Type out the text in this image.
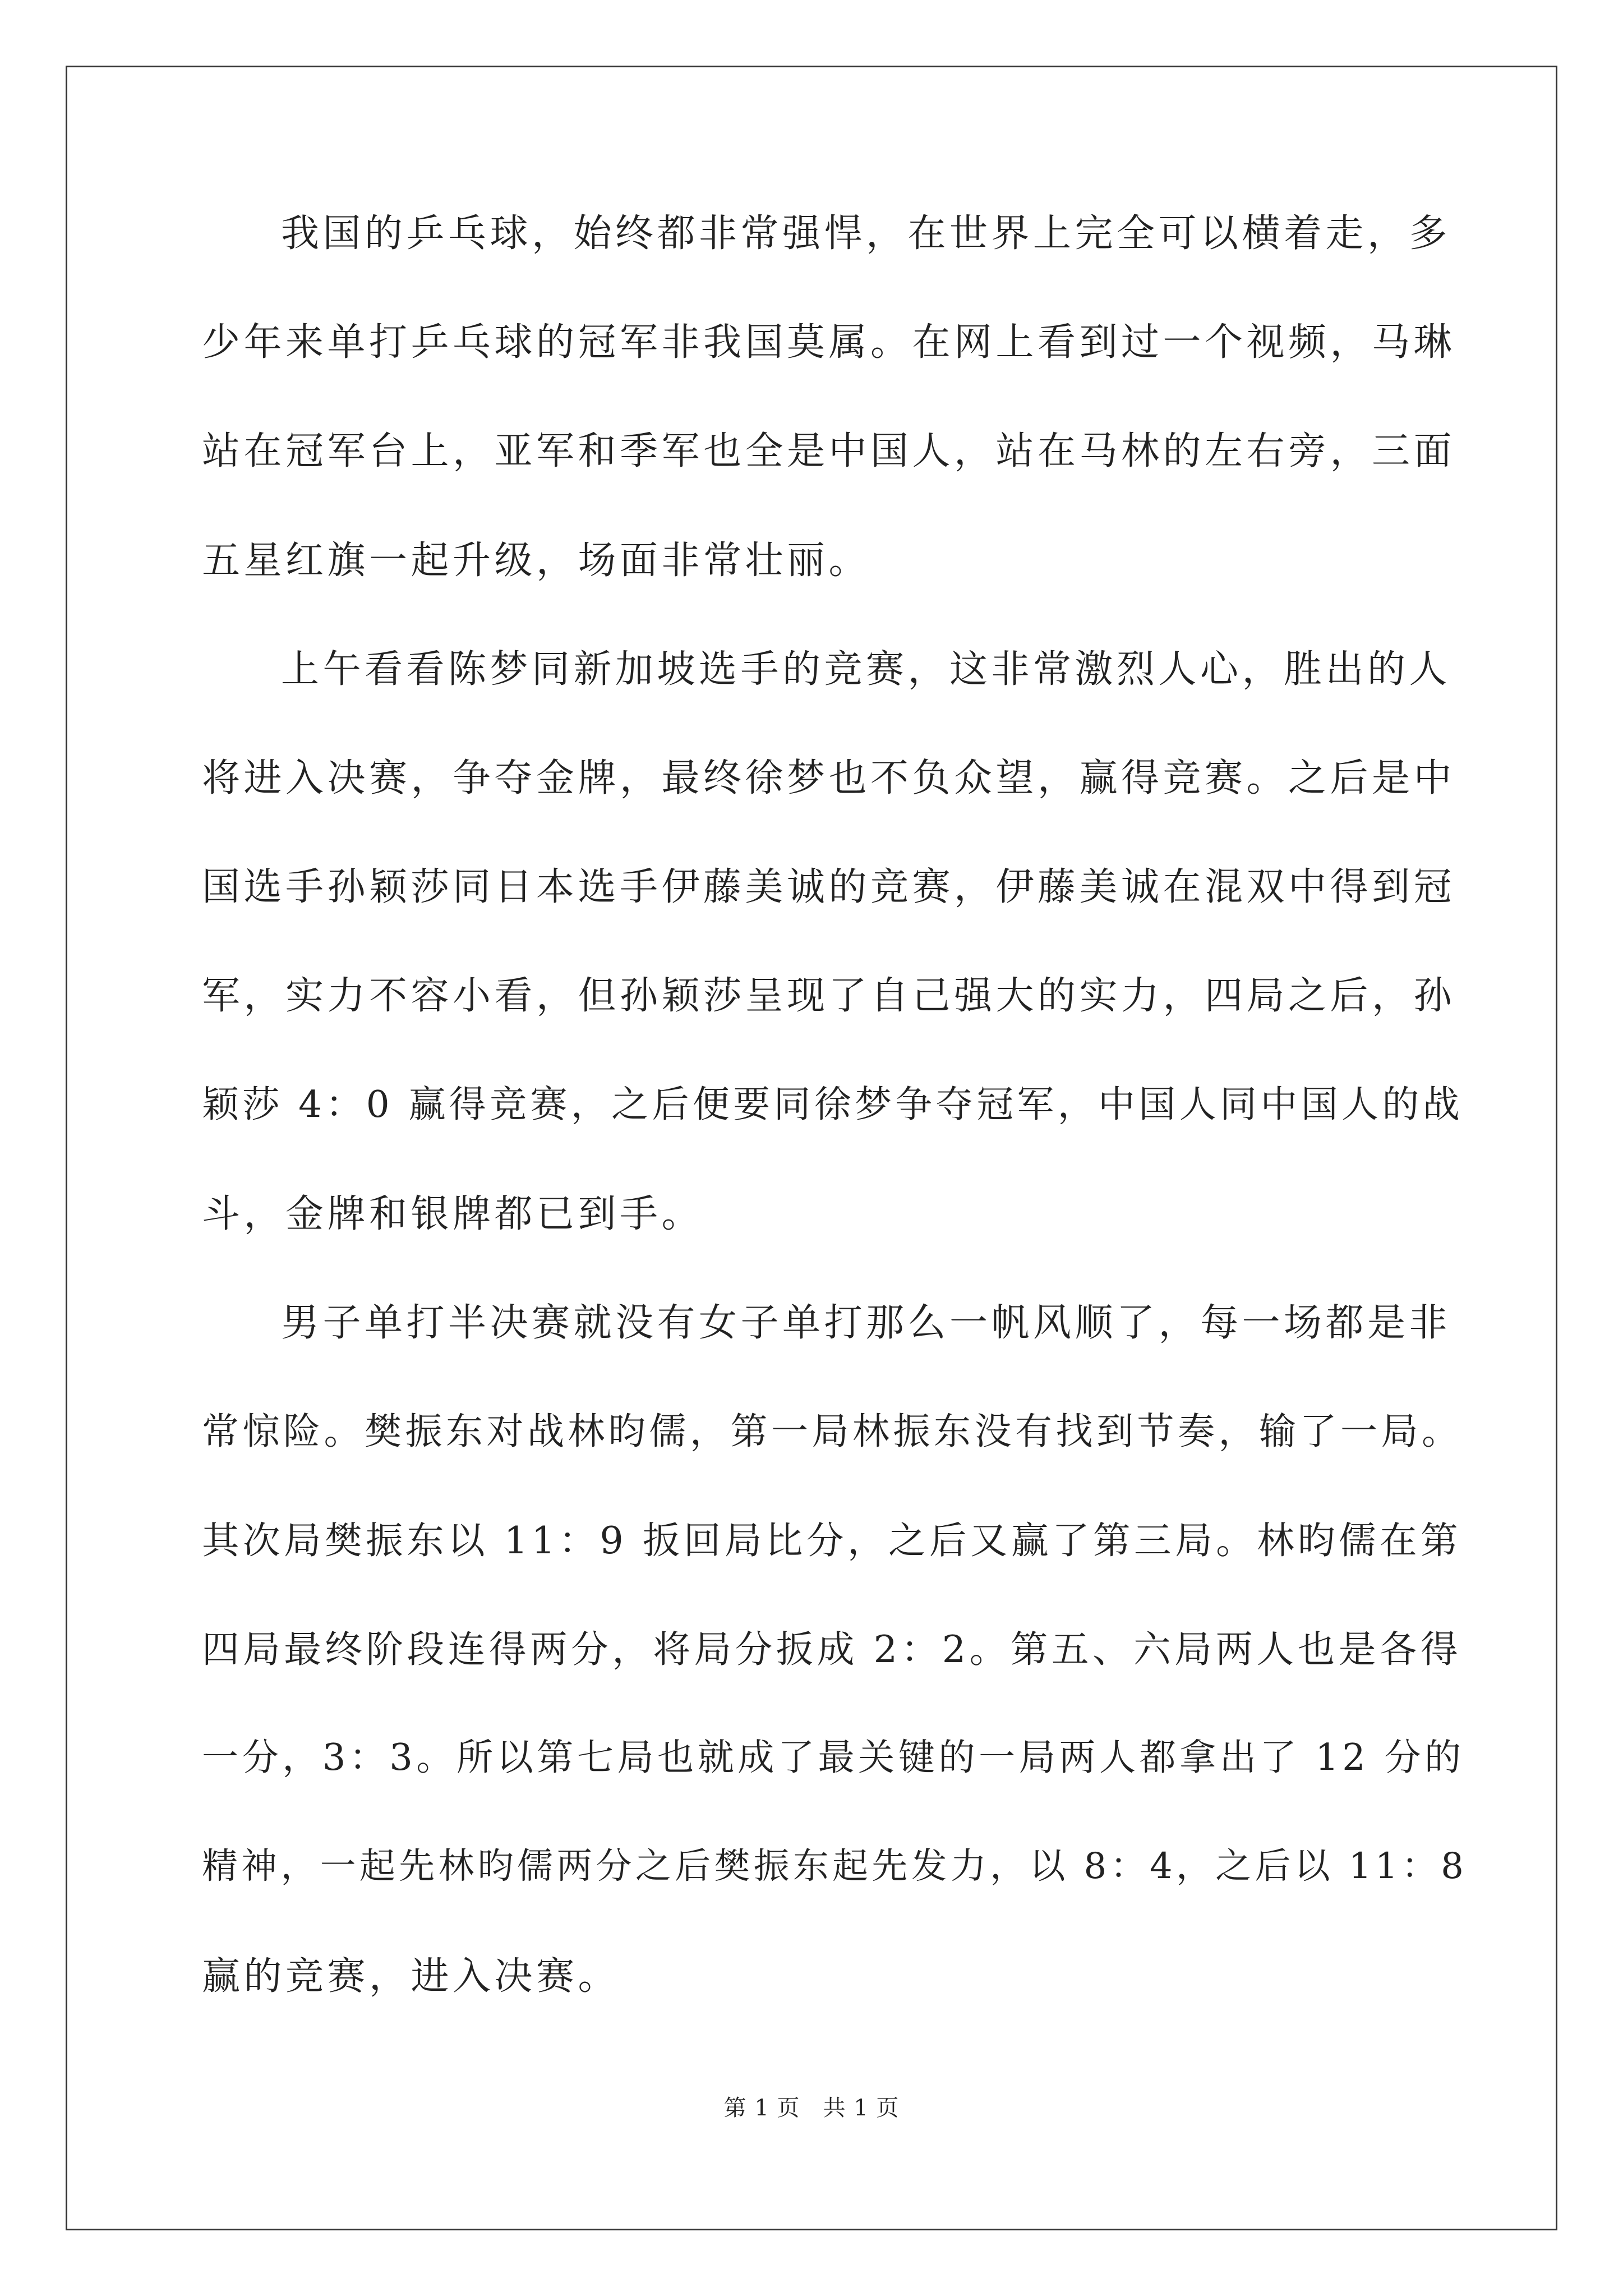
我国的乒乓球，始终都非常强悍，在世界上完全可以横着走，多
少年来单打乒乓球的冠军非我国莫属。在网上看到过一个视频，马琳
站在冠军台上，亚军和季军也全是中国人，站在马林的左右旁，三面
五星红旗一起升级，场面非常壮丽。
上午看看陈梦同新加坡选手的竞赛，这非常激烈人心，胜出的人
将进入决赛，争夺金牌，最终徐梦也不负众望，赢得竞赛。之后是中
国选手孙颖莎同日本选手伊藤美诚的竞赛，伊藤美诚在混双中得到冠
军，实力不容小看，但孙颖莎呈现了自己强大的实力，四局之后，孙
颖莎 4：0 赢得竞赛，之后便要同徐梦争夺冠军，中国人同中国人的战
斗，金牌和银牌都已到手。
男子单打半决赛就没有女子单打那么一帆风顺了，每一场都是非
常惊险。樊振东对战林昀儒，第一局林振东没有找到节奏，输了一局。
其次局樊振东以 11：9 扳回局比分，之后又赢了第三局。林昀儒在第
四局最终阶段连得两分，将局分扳成 2：2。第五、六局两人也是各得
一分，3：3。所以第七局也就成了最关键的一局两人都拿出了 12 分的
精神，一起先林昀儒两分之后樊振东起先发力，以 8：4，之后以 11：8
赢的竞赛，进入决赛。
第 1 页　共 1 页
